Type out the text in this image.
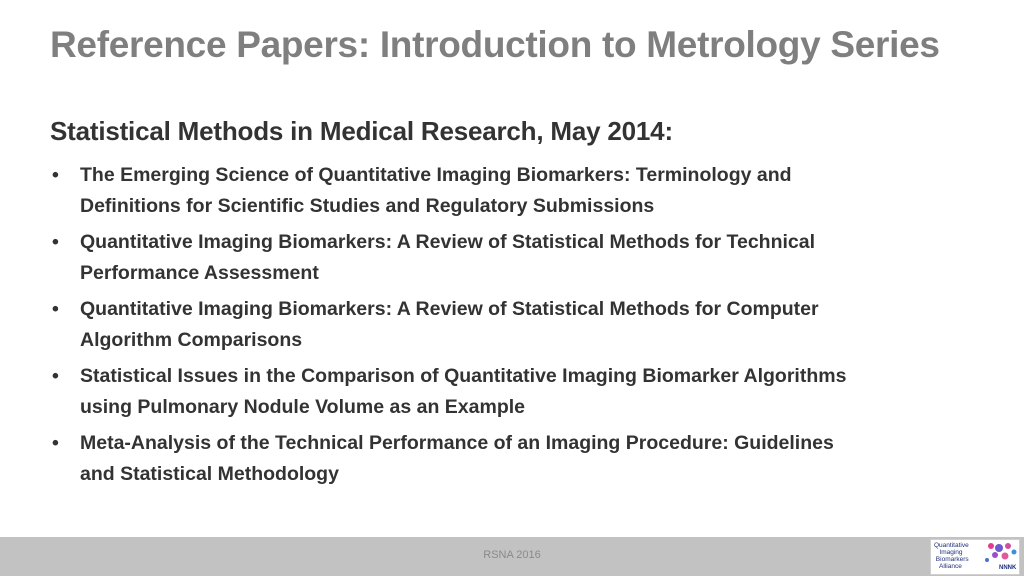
Reference Papers: Introduction to Metrology Series
Statistical Methods in Medical Research, May 2014:
• The Emerging Science of Quantitative Imaging Biomarkers: Terminology and Definitions for Scientific Studies and Regulatory Submissions
• Quantitative Imaging Biomarkers: A Review of Statistical Methods for Technical Performance Assessment
• Quantitative Imaging Biomarkers: A Review of Statistical Methods for Computer Algorithm Comparisons
• Statistical Issues in the Comparison of Quantitative Imaging Biomarker Algorithms using Pulmonary Nodule Volume as an Example
• Meta-Analysis of the Technical Performance of an Imaging Procedure: Guidelines and Statistical Methodology
RSNA 2016
Quantitative
Imaging
Biomarkers
Alliance	NNNK
